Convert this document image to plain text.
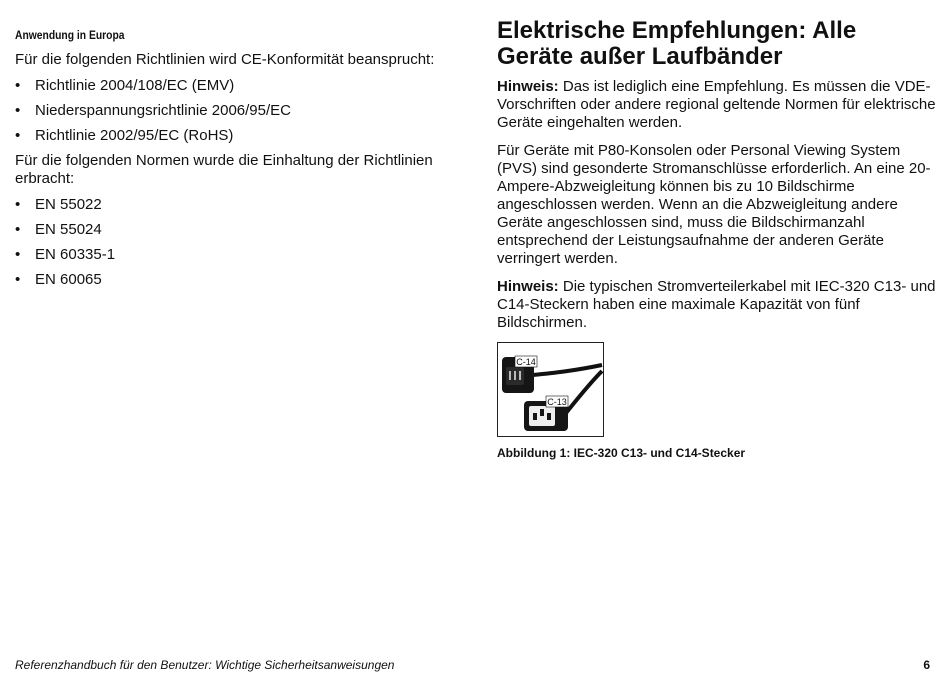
Anwendung in Europa

Für die folgenden Richtlinien wird CE-Konformität beansprucht:

• Richtlinie 2004/108/EC (EMV)
• Niederspannungsrichtlinie 2006/95/EC
• Richtlinie 2002/95/EC (RoHS)

Für die folgenden Normen wurde die Einhaltung der Richtlinien erbracht:

• EN 55022
• EN 55024
• EN 60335-1
• EN 60065
Elektrische Empfehlungen: Alle Geräte außer Laufbänder

Hinweis: Das ist lediglich eine Empfehlung. Es müssen die VDE-Vorschriften oder andere regional geltende Normen für elektrische Geräte eingehalten werden.

Für Geräte mit P80-Konsolen oder Personal Viewing System (PVS) sind gesonderte Stromanschlüsse erforderlich. An eine 20-Ampere-Abzweigleitung können bis zu 10 Bildschirme angeschlossen werden. Wenn an die Abzweigleitung andere Geräte angeschlossen sind, muss die Bildschirmanzahl entsprechend der Leistungsaufnahme der anderen Geräte verringert werden.

Hinweis: Die typischen Stromverteilerkabel mit IEC-320 C13- und C14-Steckern haben eine maximale Kapazität von fünf Bildschirmen.

C-14
C-13
Abbildung 1: IEC-320 C13- und C14-Stecker
Referenzhandbuch für den Benutzer: Wichtige Sicherheitsanweisungen	6
